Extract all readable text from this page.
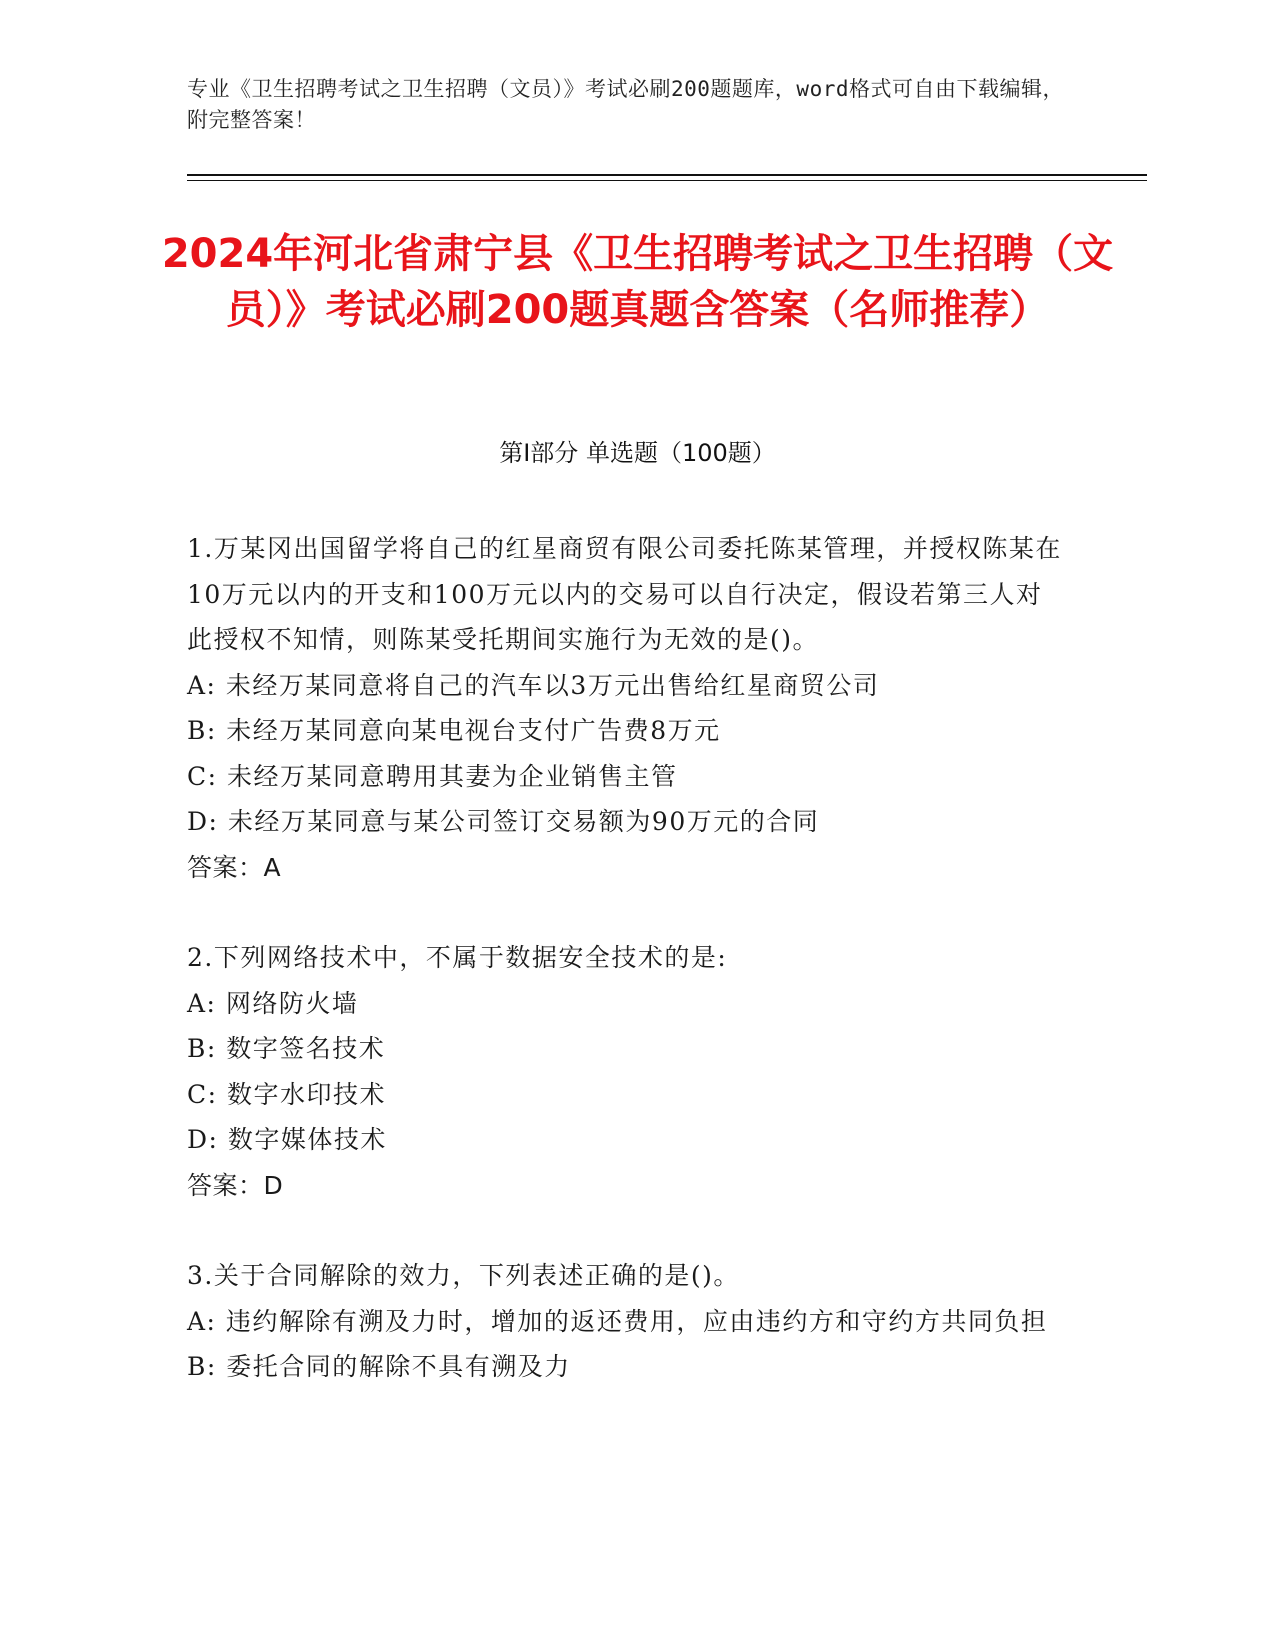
专业《卫生招聘考试之卫生招聘（文员）》考试必刷200题题库，word格式可自由下载编辑，附完整答案！
2024年河北省肃宁县《卫生招聘考试之卫生招聘（文员）》考试必刷200题真题含答案（名师推荐）
第Ⅰ部分 单选题（100题）
1.万某冈出国留学将自己的红星商贸有限公司委托陈某管理，并授权陈某在10万元以内的开支和100万元以内的交易可以自行决定，假设若第三人对此授权不知情，则陈某受托期间实施行为无效的是()。
A: 未经万某同意将自己的汽车以3万元出售给红星商贸公司
B: 未经万某同意向某电视台支付广告费8万元
C: 未经万某同意聘用其妻为企业销售主管
D: 未经万某同意与某公司签订交易额为90万元的合同
答案：A
2.下列网络技术中，不属于数据安全技术的是:
A: 网络防火墙
B: 数字签名技术
C: 数字水印技术
D: 数字媒体技术
答案：D
3.关于合同解除的效力，下列表述正确的是()。
A: 违约解除有溯及力时，增加的返还费用，应由违约方和守约方共同负担
B: 委托合同的解除不具有溯及力
